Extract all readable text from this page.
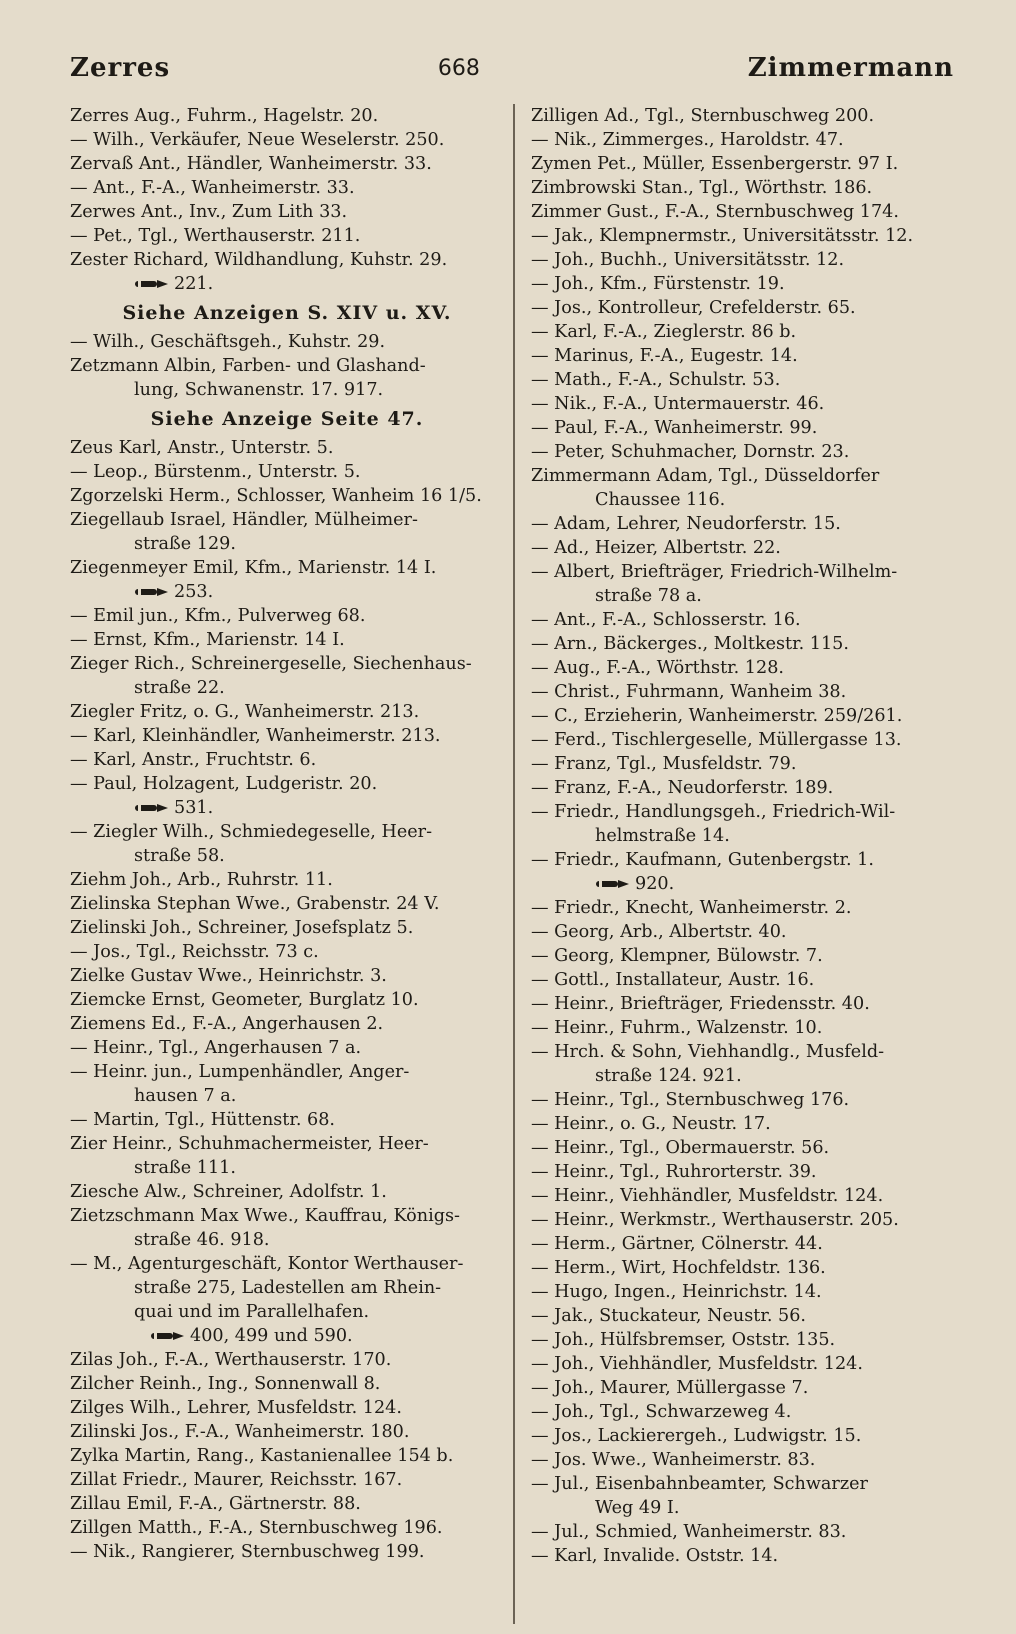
Zerres	668	Zimmermann
Zerres Aug., Fuhrm., Hagelstr. 20.
— Wilh., Verkäufer, Neue Weselerstr. 250.
Zervaß Ant., Händler, Wanheimerstr. 33.
— Ant., F.-A., Wanheimerstr. 33.
Zerwes Ant., Inv., Zum Lith 33.
— Pet., Tgl., Werthauserstr. 211.
Zester Richard, Wildhandlung, Kuhstr. 29.
221.
Siehe Anzeigen S. XIV u. XV.
— Wilh., Geschäftsgeh., Kuhstr. 29.
Zetzmann Albin, Farben- und Glashand-
lung, Schwanenstr. 17. 917.
Siehe Anzeige Seite 47.
Zeus Karl, Anstr., Unterstr. 5.
— Leop., Bürstenm., Unterstr. 5.
Zgorzelski Herm., Schlosser, Wanheim 16 1/5.
Ziegellaub Israel, Händler, Mülheimer-
straße 129.
Ziegenmeyer Emil, Kfm., Marienstr. 14 I.
253.
— Emil jun., Kfm., Pulverweg 68.
— Ernst, Kfm., Marienstr. 14 I.
Zieger Rich., Schreinergeselle, Siechenhaus-
straße 22.
Ziegler Fritz, o. G., Wanheimerstr. 213.
— Karl, Kleinhändler, Wanheimerstr. 213.
— Karl, Anstr., Fruchtstr. 6.
— Paul, Holzagent, Ludgeristr. 20.
531.
— Ziegler Wilh., Schmiedegeselle, Heer-
straße 58.
Ziehm Joh., Arb., Ruhrstr. 11.
Zielinska Stephan Wwe., Grabenstr. 24 V.
Zielinski Joh., Schreiner, Josefsplatz 5.
— Jos., Tgl., Reichsstr. 73 c.
Zielke Gustav Wwe., Heinrichstr. 3.
Ziemcke Ernst, Geometer, Burglatz 10.
Ziemens Ed., F.-A., Angerhausen 2.
— Heinr., Tgl., Angerhausen 7 a.
— Heinr. jun., Lumpenhändler, Anger-
hausen 7 a.
— Martin, Tgl., Hüttenstr. 68.
Zier Heinr., Schuhmachermeister, Heer-
straße 111.
Ziesche Alw., Schreiner, Adolfstr. 1.
Zietzschmann Max Wwe., Kauffrau, Königs-
straße 46. 918.
— M., Agenturgeschäft, Kontor Werthauser-
straße 275, Ladestellen am Rhein-
quai und im Parallelhafen.
400, 499 und 590.
Zilas Joh., F.-A., Werthauserstr. 170.
Zilcher Reinh., Ing., Sonnenwall 8.
Zilges Wilh., Lehrer, Musfeldstr. 124.
Zilinski Jos., F.-A., Wanheimerstr. 180.
Zylka Martin, Rang., Kastanienallee 154 b.
Zillat Friedr., Maurer, Reichsstr. 167.
Zillau Emil, F.-A., Gärtnerstr. 88.
Zillgen Matth., F.-A., Sternbuschweg 196.
— Nik., Rangierer, Sternbuschweg 199.
Zilligen Ad., Tgl., Sternbuschweg 200.
— Nik., Zimmerges., Haroldstr. 47.
Zymen Pet., Müller, Essenbergerstr. 97 I.
Zimbrowski Stan., Tgl., Wörthstr. 186.
Zimmer Gust., F.-A., Sternbuschweg 174.
— Jak., Klempnermstr., Universitätsstr. 12.
— Joh., Buchh., Universitätsstr. 12.
— Joh., Kfm., Fürstenstr. 19.
— Jos., Kontrolleur, Crefelderstr. 65.
— Karl, F.-A., Zieglerstr. 86 b.
— Marinus, F.-A., Eugestr. 14.
— Math., F.-A., Schulstr. 53.
— Nik., F.-A., Untermauerstr. 46.
— Paul, F.-A., Wanheimerstr. 99.
— Peter, Schuhmacher, Dornstr. 23.
Zimmermann Adam, Tgl., Düsseldorfer
Chaussee 116.
— Adam, Lehrer, Neudorferstr. 15.
— Ad., Heizer, Albertstr. 22.
— Albert, Briefträger, Friedrich-Wilhelm-
straße 78 a.
— Ant., F.-A., Schlosserstr. 16.
— Arn., Bäckerges., Moltkestr. 115.
— Aug., F.-A., Wörthstr. 128.
— Christ., Fuhrmann, Wanheim 38.
— C., Erzieherin, Wanheimerstr. 259/261.
— Ferd., Tischlergeselle, Müllergasse 13.
— Franz, Tgl., Musfeldstr. 79.
— Franz, F.-A., Neudorferstr. 189.
— Friedr., Handlungsgeh., Friedrich-Wil-
helmstraße 14.
— Friedr., Kaufmann, Gutenbergstr. 1.
920.
— Friedr., Knecht, Wanheimerstr. 2.
— Georg, Arb., Albertstr. 40.
— Georg, Klempner, Bülowstr. 7.
— Gottl., Installateur, Austr. 16.
— Heinr., Briefträger, Friedensstr. 40.
— Heinr., Fuhrm., Walzenstr. 10.
— Hrch. & Sohn, Viehhandlg., Musfeld-
straße 124. 921.
— Heinr., Tgl., Sternbuschweg 176.
— Heinr., o. G., Neustr. 17.
— Heinr., Tgl., Obermauerstr. 56.
— Heinr., Tgl., Ruhrorterstr. 39.
— Heinr., Viehhändler, Musfeldstr. 124.
— Heinr., Werkmstr., Werthauserstr. 205.
— Herm., Gärtner, Cölnerstr. 44.
— Herm., Wirt, Hochfeldstr. 136.
— Hugo, Ingen., Heinrichstr. 14.
— Jak., Stuckateur, Neustr. 56.
— Joh., Hülfsbremser, Oststr. 135.
— Joh., Viehhändler, Musfeldstr. 124.
— Joh., Maurer, Müllergasse 7.
— Joh., Tgl., Schwarzeweg 4.
— Jos., Lackierergeh., Ludwigstr. 15.
— Jos. Wwe., Wanheimerstr. 83.
— Jul., Eisenbahnbeamter, Schwarzer
Weg 49 I.
— Jul., Schmied, Wanheimerstr. 83.
— Karl, Invalide. Oststr. 14.
